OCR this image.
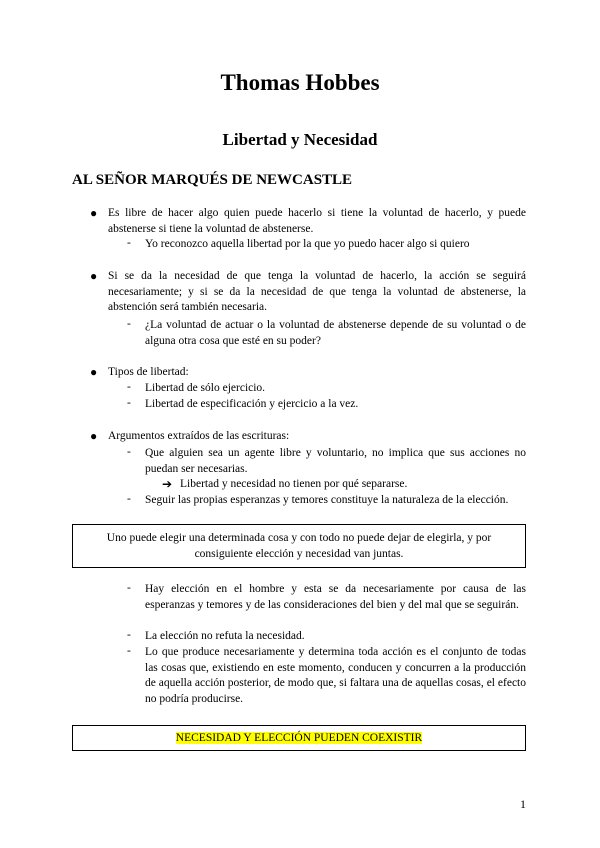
Thomas Hobbes
Libertad y Necesidad
AL SEÑOR MARQUÉS DE NEWCASTLE
● Es libre de hacer algo quien puede hacerlo si tiene la voluntad de hacerlo, y puede abstenerse si tiene la voluntad de abstenerse.
- Yo reconozco aquella libertad por la que yo puedo hacer algo si quiero
● Si se da la necesidad de que tenga la voluntad de hacerlo, la acción se seguirá necesariamente; y si se da la necesidad de que tenga la voluntad de abstenerse, la abstención será también necesaria.
- ¿La voluntad de actuar o la voluntad de abstenerse depende de su voluntad o de alguna otra cosa que esté en su poder?
● Tipos de libertad:
- Libertad de sólo ejercicio.
- Libertad de especificación y ejercicio a la vez.
● Argumentos extraídos de las escrituras:
- Que alguien sea un agente libre y voluntario, no implica que sus acciones no puedan ser necesarias.
➔ Libertad y necesidad no tienen por qué separarse.
- Seguir las propias esperanzas y temores constituye la naturaleza de la elección.
Uno puede elegir una determinada cosa y con todo no puede dejar de elegirla, y por consiguiente elección y necesidad van juntas.
- Hay elección en el hombre y esta se da necesariamente por causa de las esperanzas y temores y de las consideraciones del bien y del mal que se seguirán.
- La elección no refuta la necesidad.
- Lo que produce necesariamente y determina toda acción es el conjunto de todas las cosas que, existiendo en este momento, conducen y concurren a la producción de aquella acción posterior, de modo que, si faltara una de aquellas cosas, el efecto no podría producirse.
NECESIDAD Y ELECCIÓN PUEDEN COEXISTIR
1
